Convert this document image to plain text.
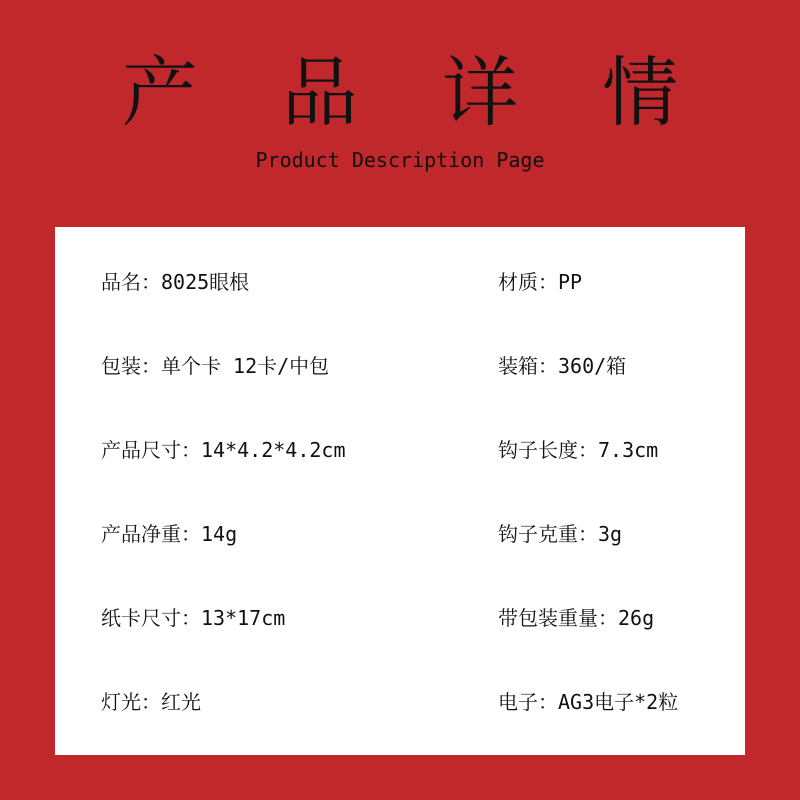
产 品 详 情
Product Description Page
品名：8025眼根	材质：PP
包装：单个卡 12卡/中包	装箱：360/箱
产品尺寸：14*4.2*4.2cm	钩子长度：7.3cm
产品净重：14g	钩子克重：3g
纸卡尺寸：13*17cm	带包装重量：26g
灯光：红光	电子：AG3电子*2粒
